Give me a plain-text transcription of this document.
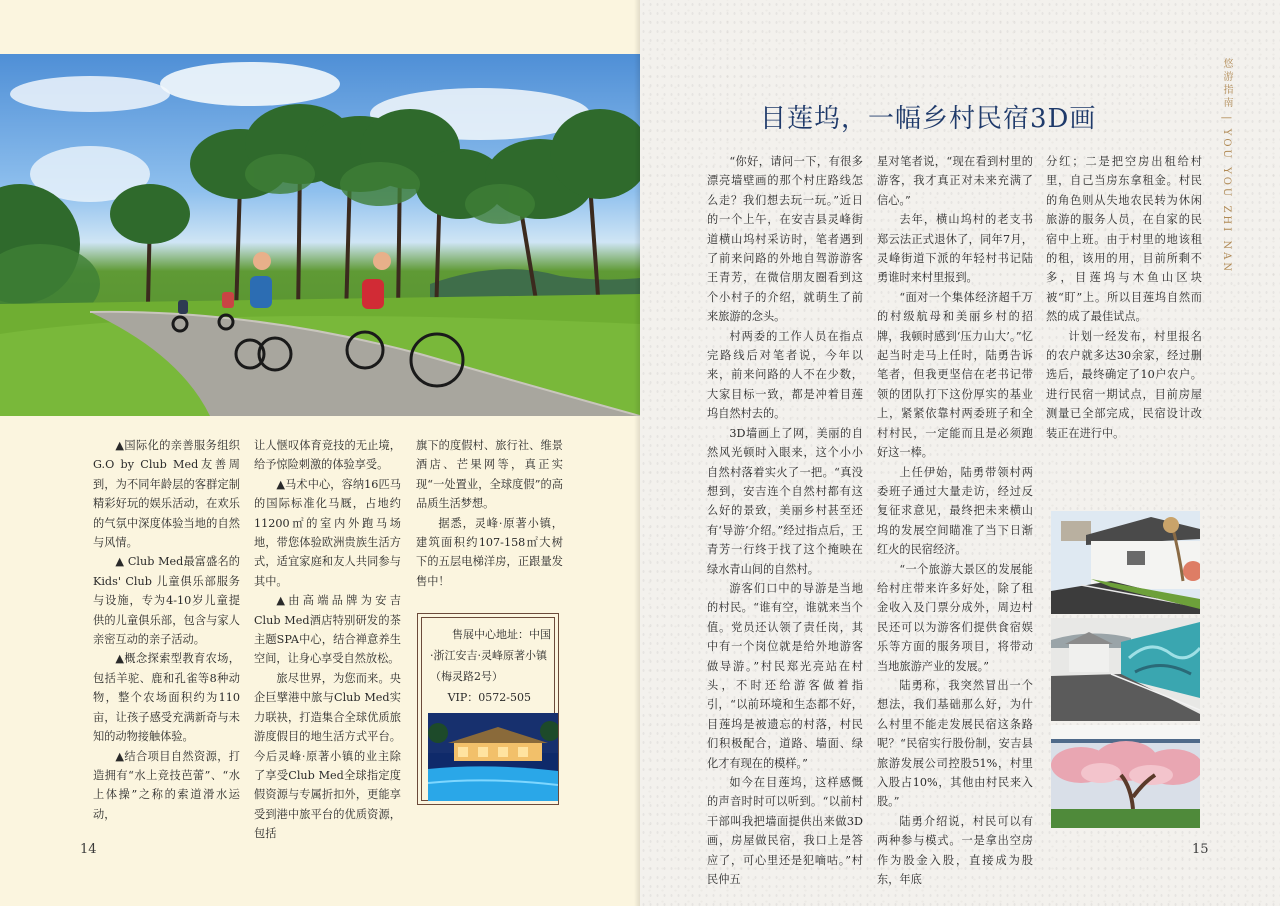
▲国际化的亲善服务组织 G.O by Club Med友善周到，为不同年龄层的客群定制精彩好玩的娱乐活动，在欢乐的气氛中深度体验当地的自然与风情。

▲ Club Med最富盛名的 Kids' Club 儿童俱乐部服务与设施，专为4-10岁儿童提供的儿童俱乐部，包含与家人亲密互动的亲子活动。

▲概念探索型教育农场，包括羊驼、鹿和孔雀等8种动物，整个农场面积约为110亩，让孩子感受充满新奇与未知的动物接触体验。

▲结合项目自然资源，打造拥有“水上竞技芭蕾”、“水上体操”之称的索道滑水运动，

让人惬叹体育竞技的无止境，给予惊险刺激的体验享受。

▲马术中心，容纳16匹马的国际标准化马厩，占地约11200㎡的室内外跑马场地，带您体验欧洲贵族生活方式，适宜家庭和友人共同参与其中。

▲由高端品牌为安吉 Club Med酒店特别研发的茶主题SPA中心，结合禅意养生空间，让身心享受自然放松。

旅尽世界，为您而来。央企巨擘港中旅与Club Med实力联袂，打造集合全球优质旅游度假目的地生活方式平台。今后灵峰·原著小镇的业主除了享受Club Med全球指定度假资源与专属折扣外，更能享受到港中旅平台的优质资源，包括

旗下的度假村、旅行社、维景酒店、芒果网等，真正实现“一处置业，全球度假”的高品质生活梦想。

据悉，灵峰·原著小镇，建筑面积约107-158㎡大树下的五层电梯洋房，正跟量发售中！

售展中心地址：中国·浙江安吉·灵峰原著小镇（梅灵路2号）

VIP：0572-505

14
悠游指南 | YOU YOU ZHI NAN
目莲坞，一幅乡村民宿3D画

“你好，请问一下，有很多漂亮墙壁画的那个村庄路线怎么走？我们想去玩一玩。”近日的一个上午，在安吉县灵峰街道横山坞村采访时，笔者遇到了前来问路的外地自驾游游客王青芳，在微信朋友圈看到这个小村子的介绍，就萌生了前来旅游的念头。

村两委的工作人员在指点完路线后对笔者说，今年以来，前来问路的人不在少数，大家目标一致，都是冲着目莲坞自然村去的。

3D墙画上了网，美丽的自然风光顿时入眼来，这个小小自然村落着实火了一把。“真没想到，安吉连个自然村都有这么好的景致，美丽乡村甚至还有‘导游’介绍。”经过指点后，王青芳一行终于找了这个掩映在绿水青山间的自然村。

游客们口中的导游是当地的村民。“谁有空，谁就来当个值。党员还认领了责任岗，其中有一个岗位就是给外地游客做导游。”村民郑光亮站在村头，不时还给游客做着指引，“以前环境和生态都不好，目莲坞是被遗忘的村落，村民们积极配合，道路、墙面、绿化才有现在的模样。”

如今在目莲坞，这样感慨的声音时时可以听到。“以前村干部叫我把墙面提供出来做3D画，房屋做民宿，我口上是答应了，可心里还是犯嘀咕。”村民仲五

星对笔者说，“现在看到村里的游客，我才真正对未来充满了信心。”

去年，横山坞村的老支书郑云法正式退休了，同年7月，灵峰街道下派的年轻村书记陆勇谁时来村里报到。

“面对一个集体经济超千万的村级航母和美丽乡村的招牌，我顿时感到‘压力山大’。”忆起当时走马上任时，陆勇告诉笔者，但我更坚信在老书记带领的团队打下这份厚实的基业上，紧紧依靠村两委班子和全村村民，一定能而且是必须跑好这一棒。

上任伊始，陆勇带领村两委班子通过大量走访，经过反复征求意见，最终把未来横山坞的发展空间瞄准了当下日渐红火的民宿经济。

“一个旅游大景区的发展能给村庄带来许多好处，除了租金收入及门票分成外，周边村民还可以为游客们提供食宿娱乐等方面的服务项目，将带动当地旅游产业的发展。”

陆勇称，我突然冒出一个想法，我们基础那么好，为什么村里不能走发展民宿这条路呢？“民宿实行股份制，安吉县旅游发展公司控股51%，村里入股占10%，其他由村民来入股。”

陆勇介绍说，村民可以有两种参与模式。一是拿出空房作为股金入股，直接成为股东，年底

分红；二是把空房出租给村里，自己当房东拿租金。村民的角色则从失地农民转为休闲旅游的服务人员，在自家的民宿中上班。由于村里的地该租的租，该用的用，目前所剩不多，目莲坞与木鱼山区块被“盯”上。所以目莲坞自然而然的成了最佳试点。

计划一经发布，村里报名的农户就多达30余家，经过删选后，最终确定了10户农户。进行民宿一期试点，目前房屋测量已全部完成，民宿设计改装正在进行中。

15
